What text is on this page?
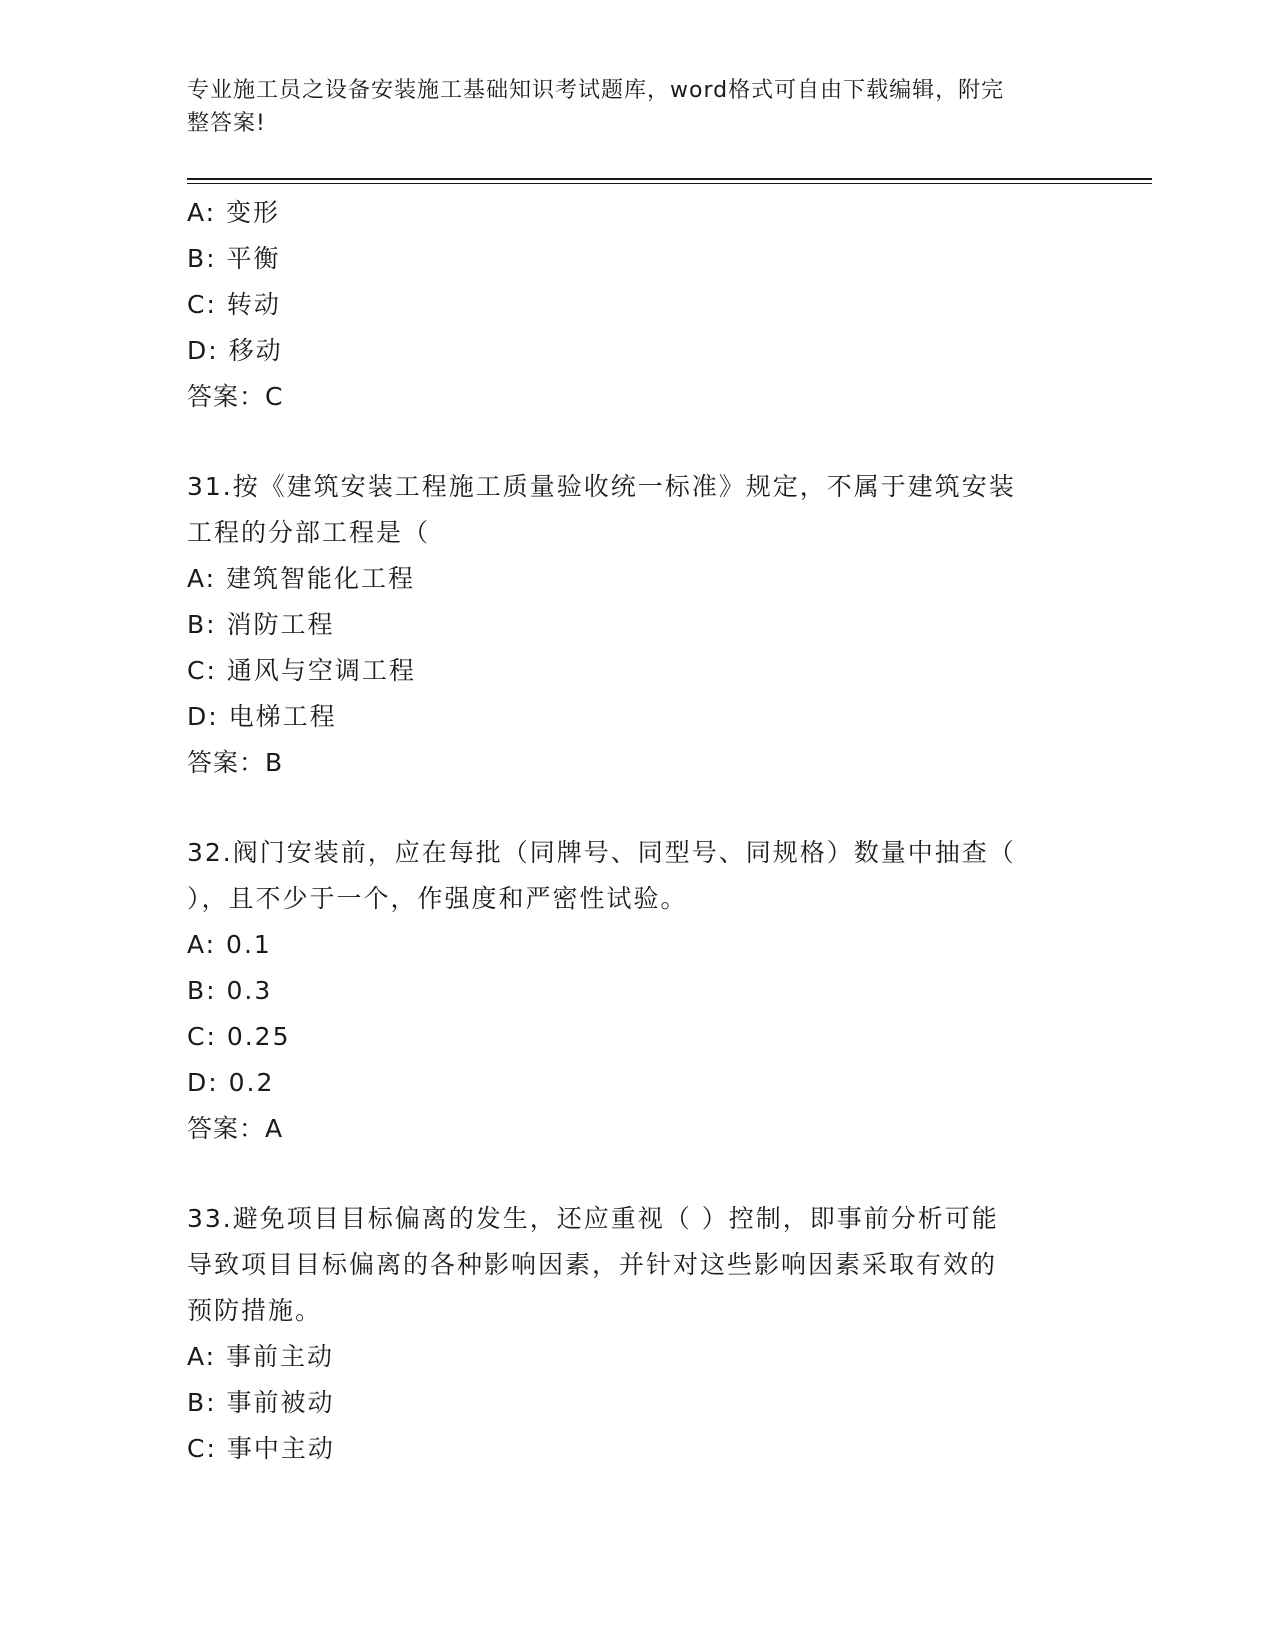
专业施工员之设备安装施工基础知识考试题库，word格式可自由下载编辑，附完
整答案!
A: 变形
B: 平衡
C: 转动
D: 移动
答案：C
31.按《建筑安装工程施工质量验收统一标准》规定，不属于建筑安装
工程的分部工程是（
A: 建筑智能化工程
B: 消防工程
C: 通风与空调工程
D: 电梯工程
答案：B
32.阀门安装前，应在每批（同牌号、同型号、同规格）数量中抽查（
），且不少于一个，作强度和严密性试验。
A: 0.1
B: 0.3
C: 0.25
D: 0.2
答案：A
33.避免项目目标偏离的发生，还应重视（ ）控制，即事前分析可能
导致项目目标偏离的各种影响因素，并针对这些影响因素采取有效的
预防措施。
A: 事前主动
B: 事前被动
C: 事中主动
